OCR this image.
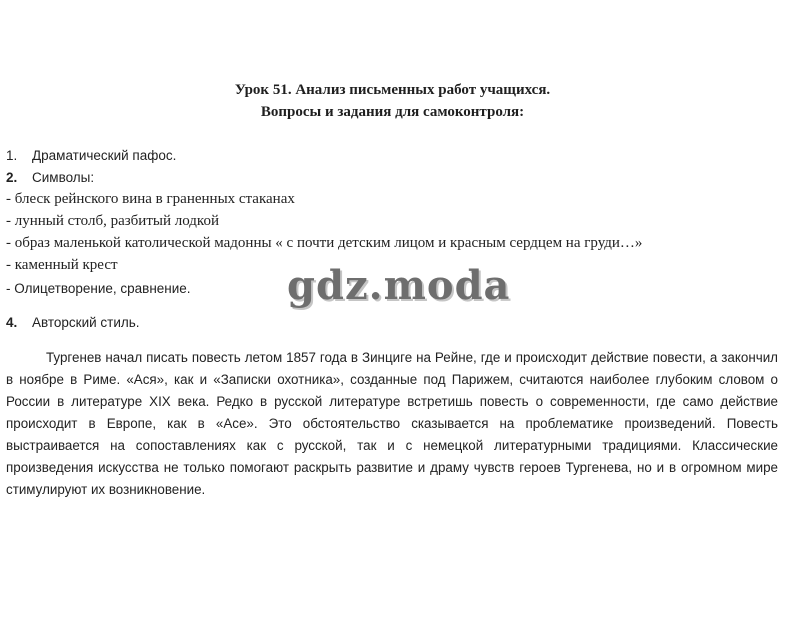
Урок 51. Анализ письменных работ учащихся.
Вопросы и задания для самоконтроля:
1. Драматический пафос.
2. Символы:
- блеск рейнского вина в граненных стаканах
- лунный столб, разбитый лодкой
- образ маленькой католической мадонны « с почти детским лицом и красным сердцем на груди…»
- каменный крест
- Олицетворение, сравнение.
4. Авторский стиль.
Тургенев начал писать повесть летом 1857 года в Зинциге на Рейне, где и происходит действие повести, а закончил в ноябре в Риме. «Ася», как и «Записки охотника», созданные под Парижем, считаются наиболее глубоким словом о России в литературе XIX века. Редко в русской литературе встретишь повесть о современности, где само действие происходит в Европе, как в «Асе». Это обстоятельство сказывается на проблематике произведений. Повесть выстраивается на сопоставлениях как с русской, так и с немецкой литературными традициями. Классические произведения искусства не только помогают раскрыть развитие и драму чувств героев Тургенева, но и в огромном мире стимулируют их возникновение.
gdz.moda
